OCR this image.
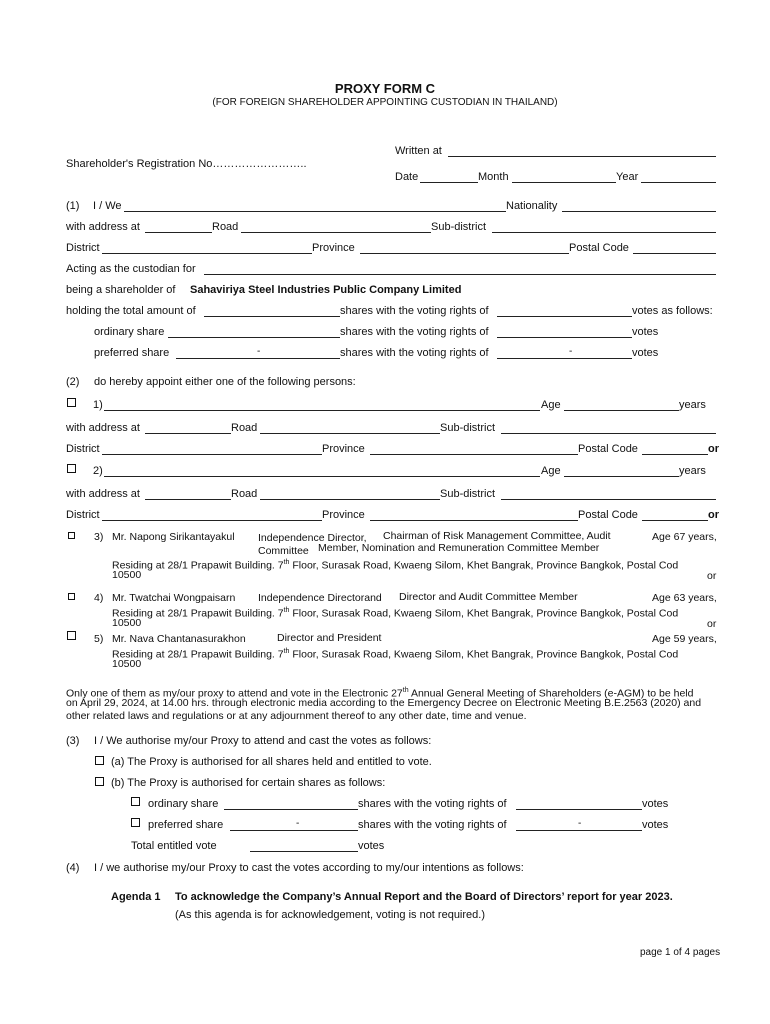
PROXY FORM C
(FOR FOREIGN SHAREHOLDER APPOINTING CUSTODIAN IN THAILAND)
Written at
Shareholder's Registration No……………………..
Date	Month	Year
(1) I / We	Nationality
with address at	Road	Sub-district
District	Province	Postal Code
Acting as the custodian for
being a shareholder of Sahaviriya Steel Industries Public Company Limited
holding the total amount of	shares with the voting rights of	votes as follows:
ordinary share	shares with the voting rights of	votes
preferred share	-	shares with the voting rights of	-	votes
(2) do hereby appoint either one of the following persons:
1)	Age	years
with address at	Road	Sub-district
District	Province	Postal Code	or
2)	Age	years
with address at	Road	Sub-district
District	Province	Postal Code	or
3) Mr. Napong Sirikantayakul Independence Director, Chairman of Risk Management Committee, Audit	Age 67 years,
Committee Member, Nomination and Remuneration Committee Member
Residing at 28/1 Prapawit Building. 7th Floor, Surasak Road, Kwaeng Silom, Khet Bangrak, Province Bangkok, Postal Cod
10500	or
4) Mr. Twatchai Wongpaisarn Independence Directorand Director and Audit Committee Member	Age 63 years,
Residing at 28/1 Prapawit Building. 7th Floor, Surasak Road, Kwaeng Silom, Khet Bangrak, Province Bangkok, Postal Cod
10500	or
5) Mr. Nava Chantanasurakhon	Director and President	Age 59 years,
Residing at 28/1 Prapawit Building. 7th Floor, Surasak Road, Kwaeng Silom, Khet Bangrak, Province Bangkok, Postal Cod
10500
Only one of them as my/our proxy to attend and vote in the Electronic 27th Annual General Meeting of Shareholders (e-AGM) to be held
on April 29, 2024, at 14.00 hrs. through electronic media according to the Emergency Decree on Electronic Meeting B.E.2563 (2020) and
other related laws and regulations or at any adjournment thereof to any other date, time and venue.
(3) I / We authorise my/our Proxy to attend and cast the votes as follows:
(a) The Proxy is authorised for all shares held and entitled to vote.
(b) The Proxy is authorised for certain shares as follows:
ordinary share	shares with the voting rights of	votes
preferred share	-	shares with the voting rights of	-	votes
Total entitled vote	votes
(4) I / we authorise my/our Proxy to cast the votes according to my/our intentions as follows:
Agenda 1 To acknowledge the Company’s Annual Report and the Board of Directors’ report for year 2023.
(As this agenda is for acknowledgement, voting is not required.)
page 1 of 4 pages
